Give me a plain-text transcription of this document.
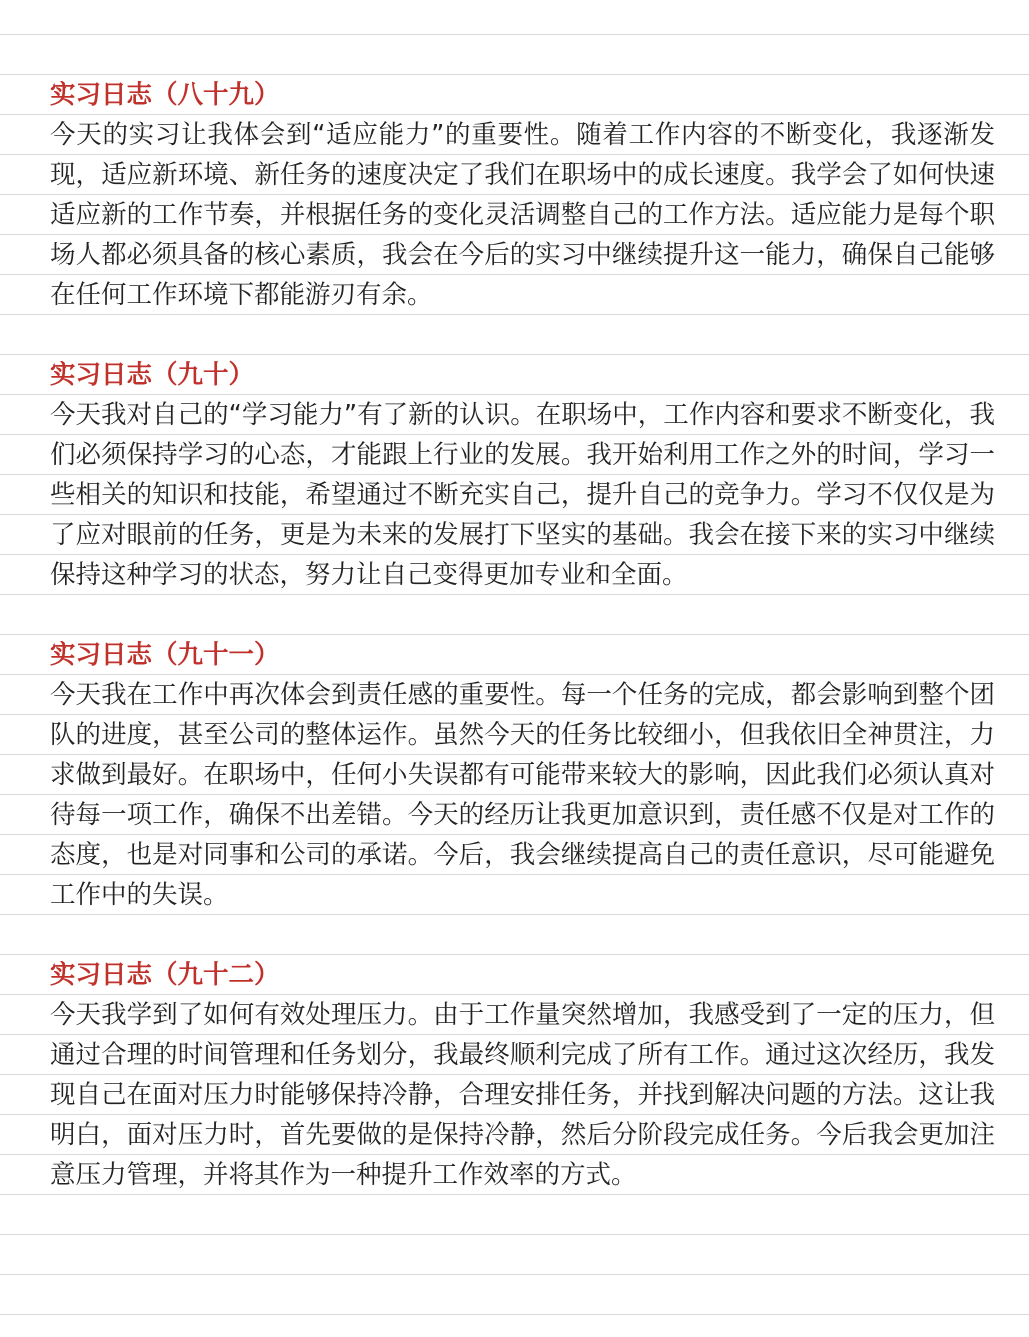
实习日志（八十九）
今天的实习让我体会到“适应能力”的重要性。随着工作内容的不断变化，我逐渐发现，适应新环境、新任务的速度决定了我们在职场中的成长速度。我学会了如何快速适应新的工作节奏，并根据任务的变化灵活调整自己的工作方法。适应能力是每个职场人都必须具备的核心素质，我会在今后的实习中继续提升这一能力，确保自己能够在任何工作环境下都能游刃有余。
实习日志（九十）
今天我对自己的“学习能力”有了新的认识。在职场中，工作内容和要求不断变化，我们必须保持学习的心态，才能跟上行业的发展。我开始利用工作之外的时间，学习一些相关的知识和技能，希望通过不断充实自己，提升自己的竞争力。学习不仅仅是为了应对眼前的任务，更是为未来的发展打下坚实的基础。我会在接下来的实习中继续保持这种学习的状态，努力让自己变得更加专业和全面。
实习日志（九十一）
今天我在工作中再次体会到责任感的重要性。每一个任务的完成，都会影响到整个团队的进度，甚至公司的整体运作。虽然今天的任务比较细小，但我依旧全神贯注，力求做到最好。在职场中，任何小失误都有可能带来较大的影响，因此我们必须认真对待每一项工作，确保不出差错。今天的经历让我更加意识到，责任感不仅是对工作的态度，也是对同事和公司的承诺。今后，我会继续提高自己的责任意识，尽可能避免工作中的失误。
实习日志（九十二）
今天我学到了如何有效处理压力。由于工作量突然增加，我感受到了一定的压力，但通过合理的时间管理和任务划分，我最终顺利完成了所有工作。通过这次经历，我发现自己在面对压力时能够保持冷静，合理安排任务，并找到解决问题的方法。这让我明白，面对压力时，首先要做的是保持冷静，然后分阶段完成任务。今后我会更加注意压力管理，并将其作为一种提升工作效率的方式。
